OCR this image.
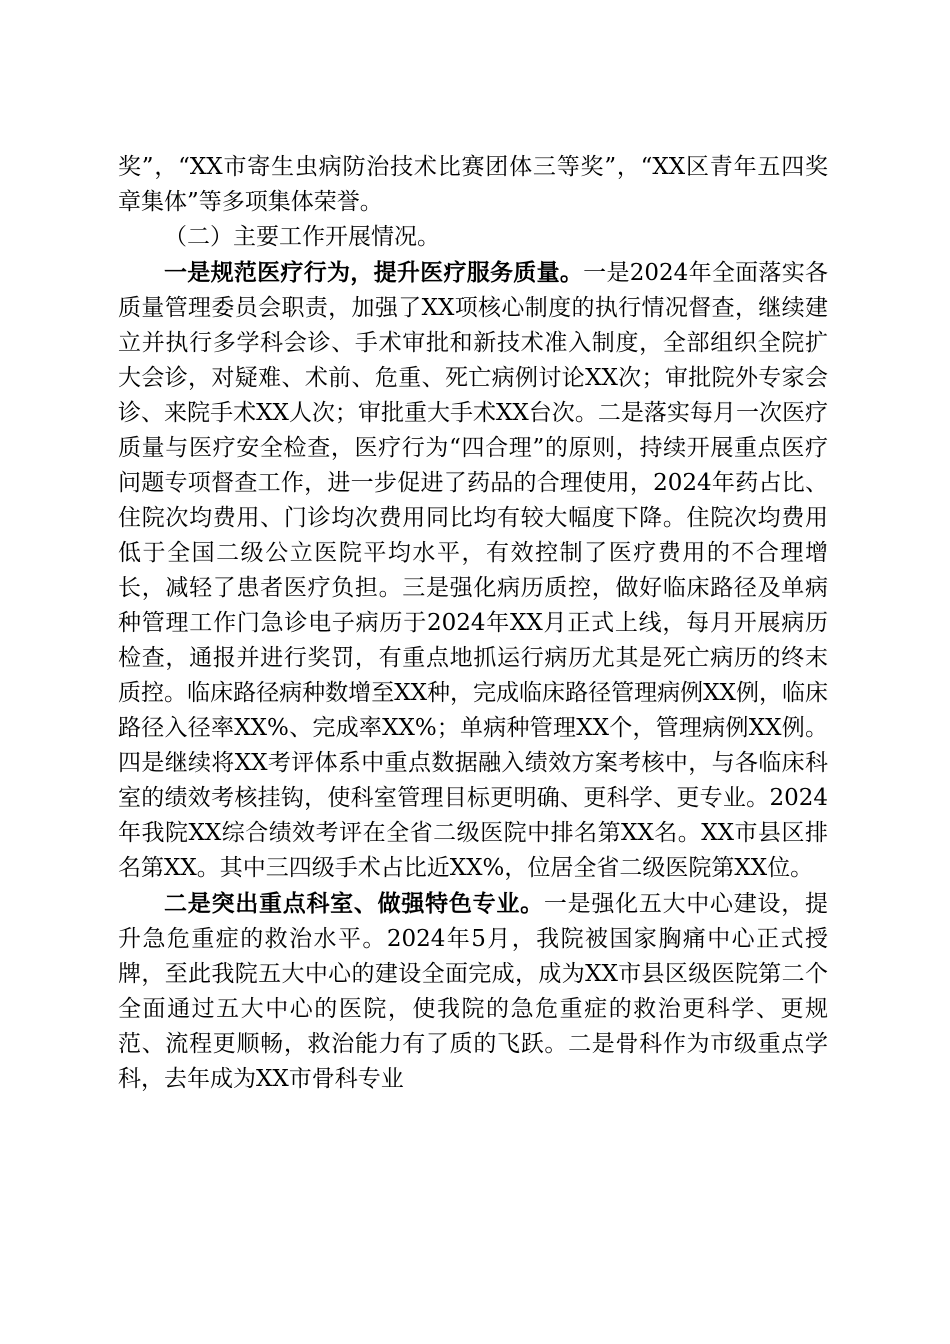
奖”，“XX市寄生虫病防治技术比赛团体三等奖”，“XX区青年五四奖章集体”等多项集体荣誉。

（二）主要工作开展情况。

一是规范医疗行为，提升医疗服务质量。一是2024年全面落实各质量管理委员会职责，加强了XX项核心制度的执行情况督查，继续建立并执行多学科会诊、手术审批和新技术准入制度，全部组织全院扩大会诊，对疑难、术前、危重、死亡病例讨论XX次；审批院外专家会诊、来院手术XX人次；审批重大手术XX台次。二是落实每月一次医疗质量与医疗安全检查，医疗行为“四合理”的原则，持续开展重点医疗问题专项督查工作，进一步促进了药品的合理使用，2024年药占比、住院次均费用、门诊均次费用同比均有较大幅度下降。住院次均费用低于全国二级公立医院平均水平，有效控制了医疗费用的不合理增长，减轻了患者医疗负担。三是强化病历质控，做好临床路径及单病种管理工作门急诊电子病历于2024年XX月正式上线，每月开展病历检查，通报并进行奖罚，有重点地抓运行病历尤其是死亡病历的终末质控。临床路径病种数增至XX种，完成临床路径管理病例XX例，临床路径入径率XX%、完成率XX%；单病种管理XX个，管理病例XX例。四是继续将XX考评体系中重点数据融入绩效方案考核中，与各临床科室的绩效考核挂钩，使科室管理目标更明确、更科学、更专业。2024年我院XX综合绩效考评在全省二级医院中排名第XX名。XX市县区排名第XX。其中三四级手术占比近XX%，位居全省二级医院第XX位。

二是突出重点科室、做强特色专业。一是强化五大中心建设，提升急危重症的救治水平。2024年5月，我院被国家胸痛中心正式授牌，至此我院五大中心的建设全面完成，成为XX市县区级医院第二个全面通过五大中心的医院，使我院的急危重症的救治更科学、更规范、流程更顺畅，救治能力有了质的飞跃。二是骨科作为市级重点学科，去年成为XX市骨科专业
